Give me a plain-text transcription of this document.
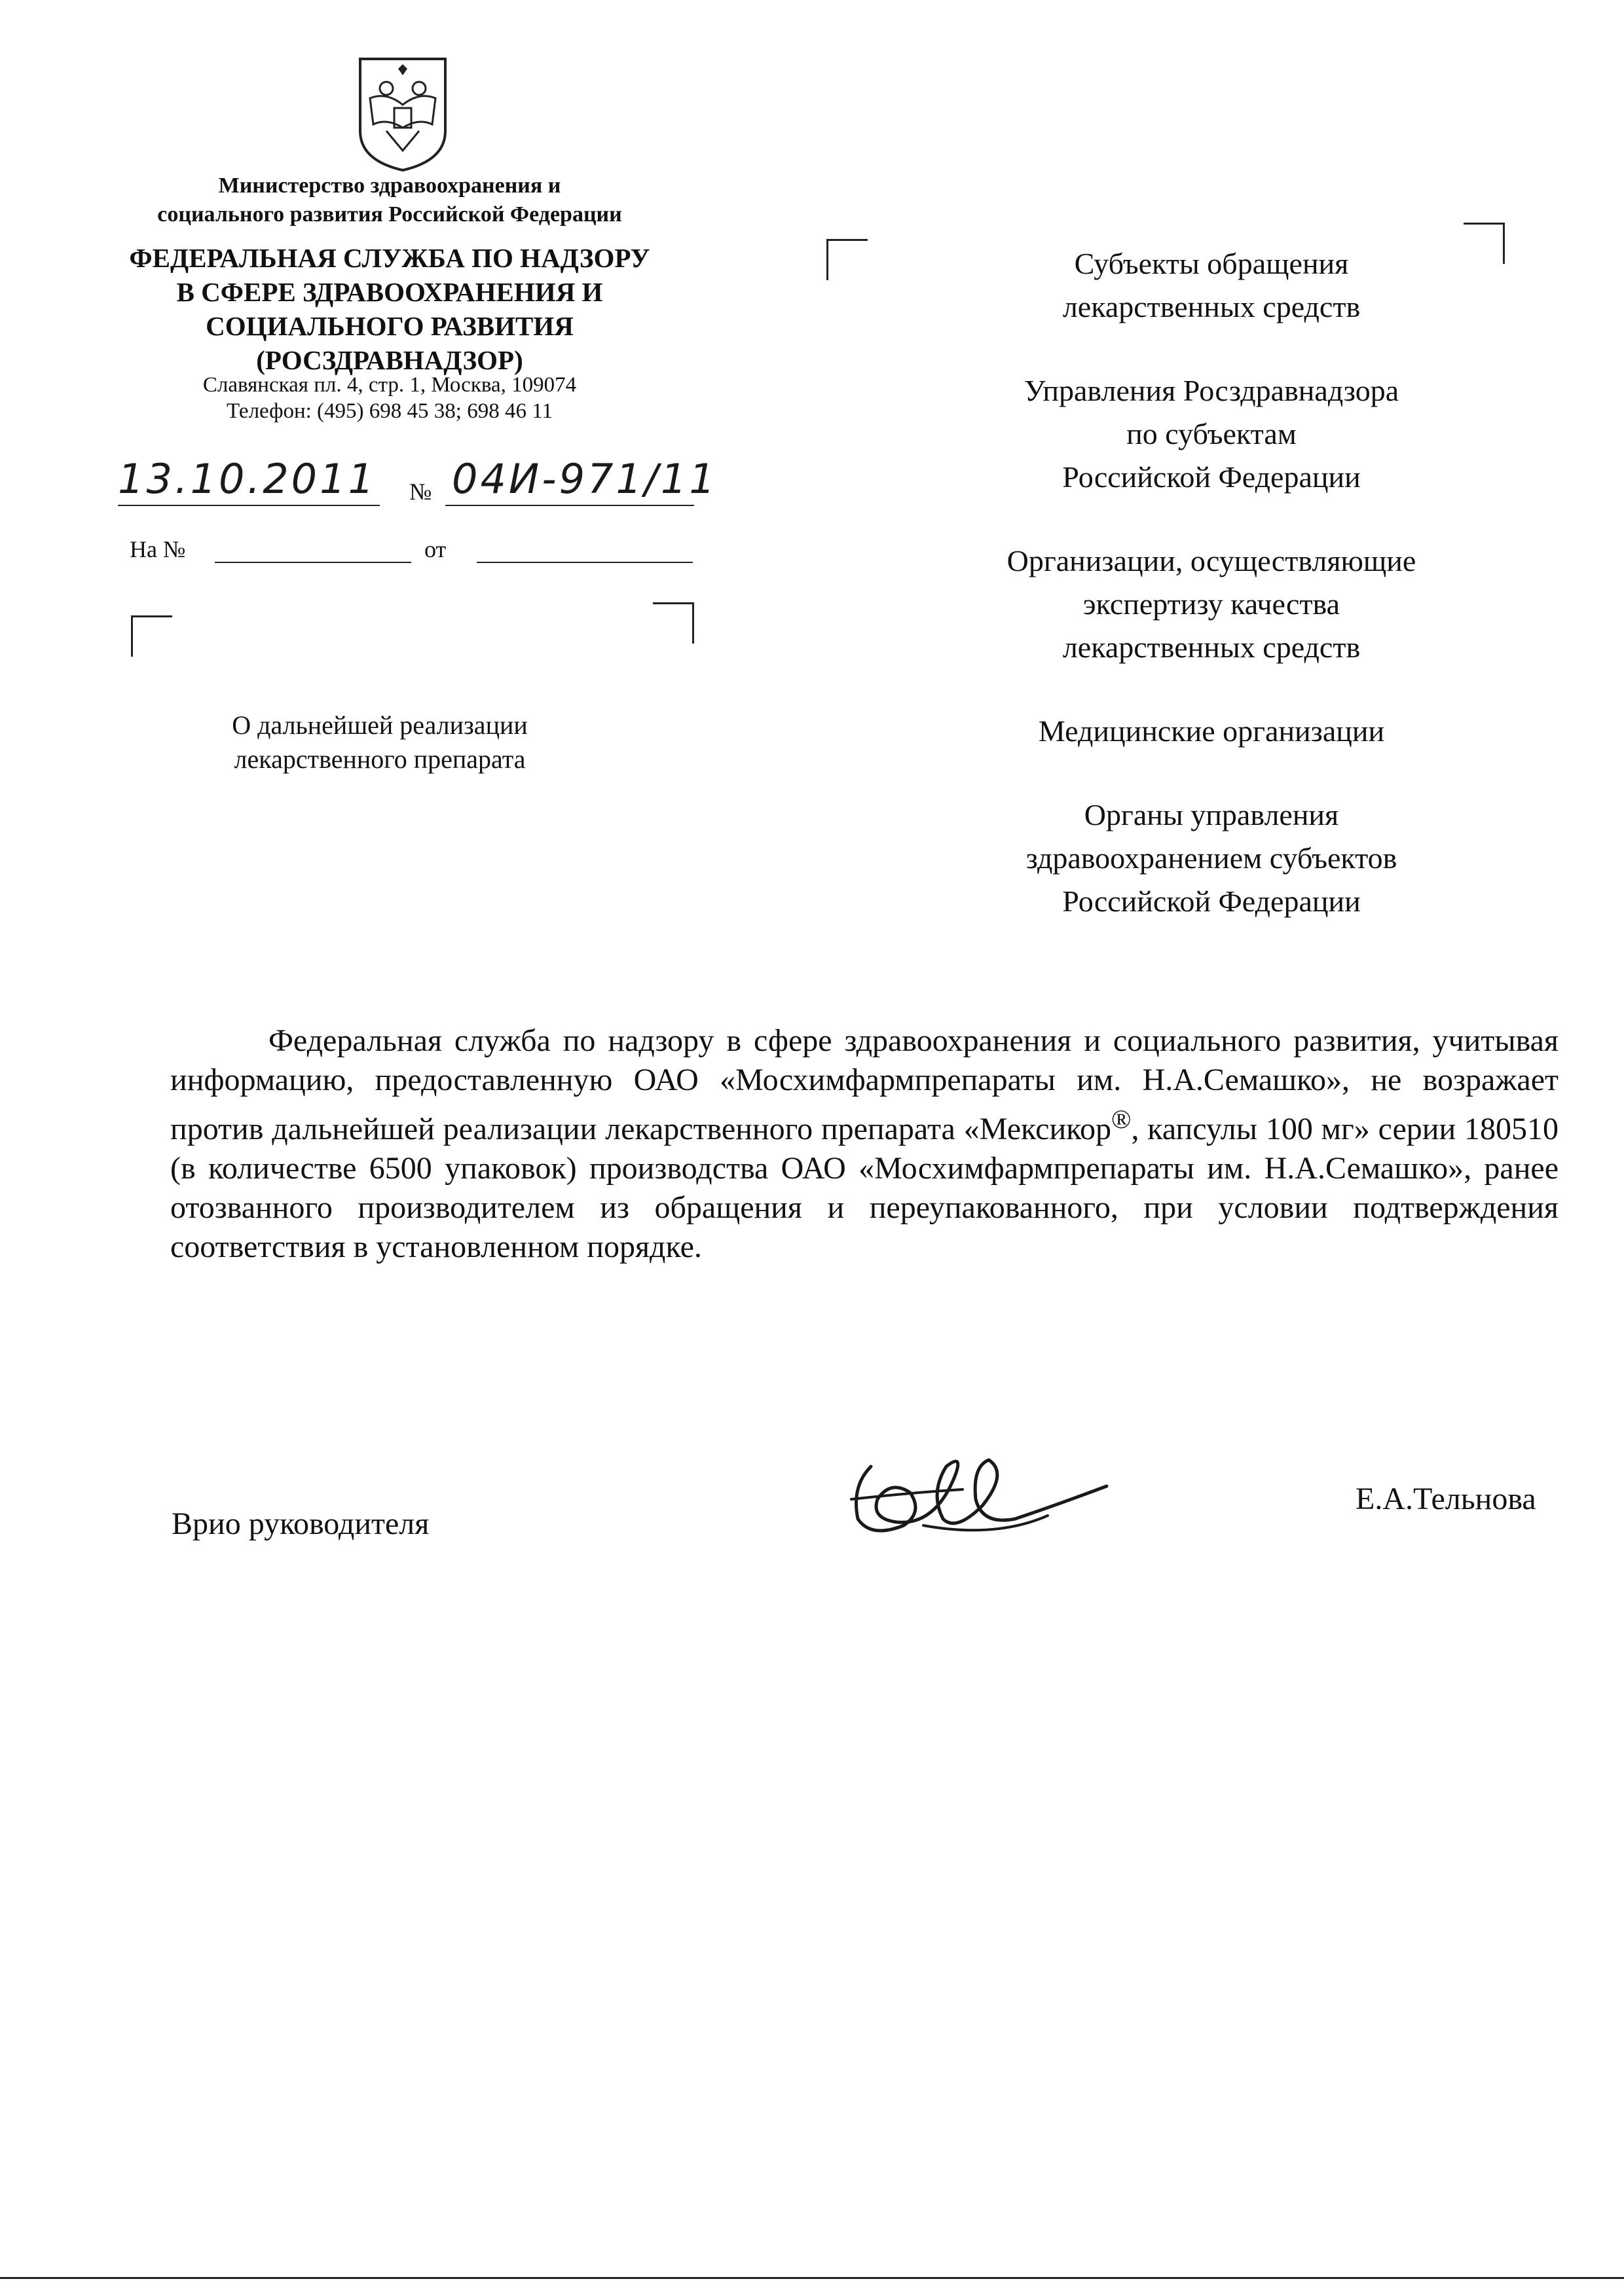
Министерство здравоохранения и
социального развития Российской Федерации
ФЕДЕРАЛЬНАЯ СЛУЖБА ПО НАДЗОРУ
В СФЕРЕ ЗДРАВООХРАНЕНИЯ И
СОЦИАЛЬНОГО РАЗВИТИЯ
(РОСЗДРАВНАДЗОР)
Славянская пл. 4, стр. 1, Москва, 109074
Телефон: (495) 698 45 38; 698 46 11
13.10.2011 № 04И-971/11
На №	от
О дальнейшей реализации
лекарственного препарата
Субъекты обращения
лекарственных средств
Управления Росздравнадзора
по субъектам
Российской Федерации
Организации, осуществляющие
экспертизу качества
лекарственных средств
Медицинские организации
Органы управления
здравоохранением субъектов
Российской Федерации
Федеральная служба по надзору в сфере здравоохранения и социального развития, учитывая информацию, предоставленную ОАО «Мосхимфармпрепараты им. Н.А.Семашко», не возражает против дальнейшей реализации лекарственного препарата «Мексикор®, капсулы 100 мг» серии 180510 (в количестве 6500 упаковок) производства ОАО «Мосхимфармпрепараты им. Н.А.Семашко», ранее отозванного производителем из обращения и переупакованного, при условии подтверждения соответствия в установленном порядке.
Врио руководителя
Е.А.Тельнова
